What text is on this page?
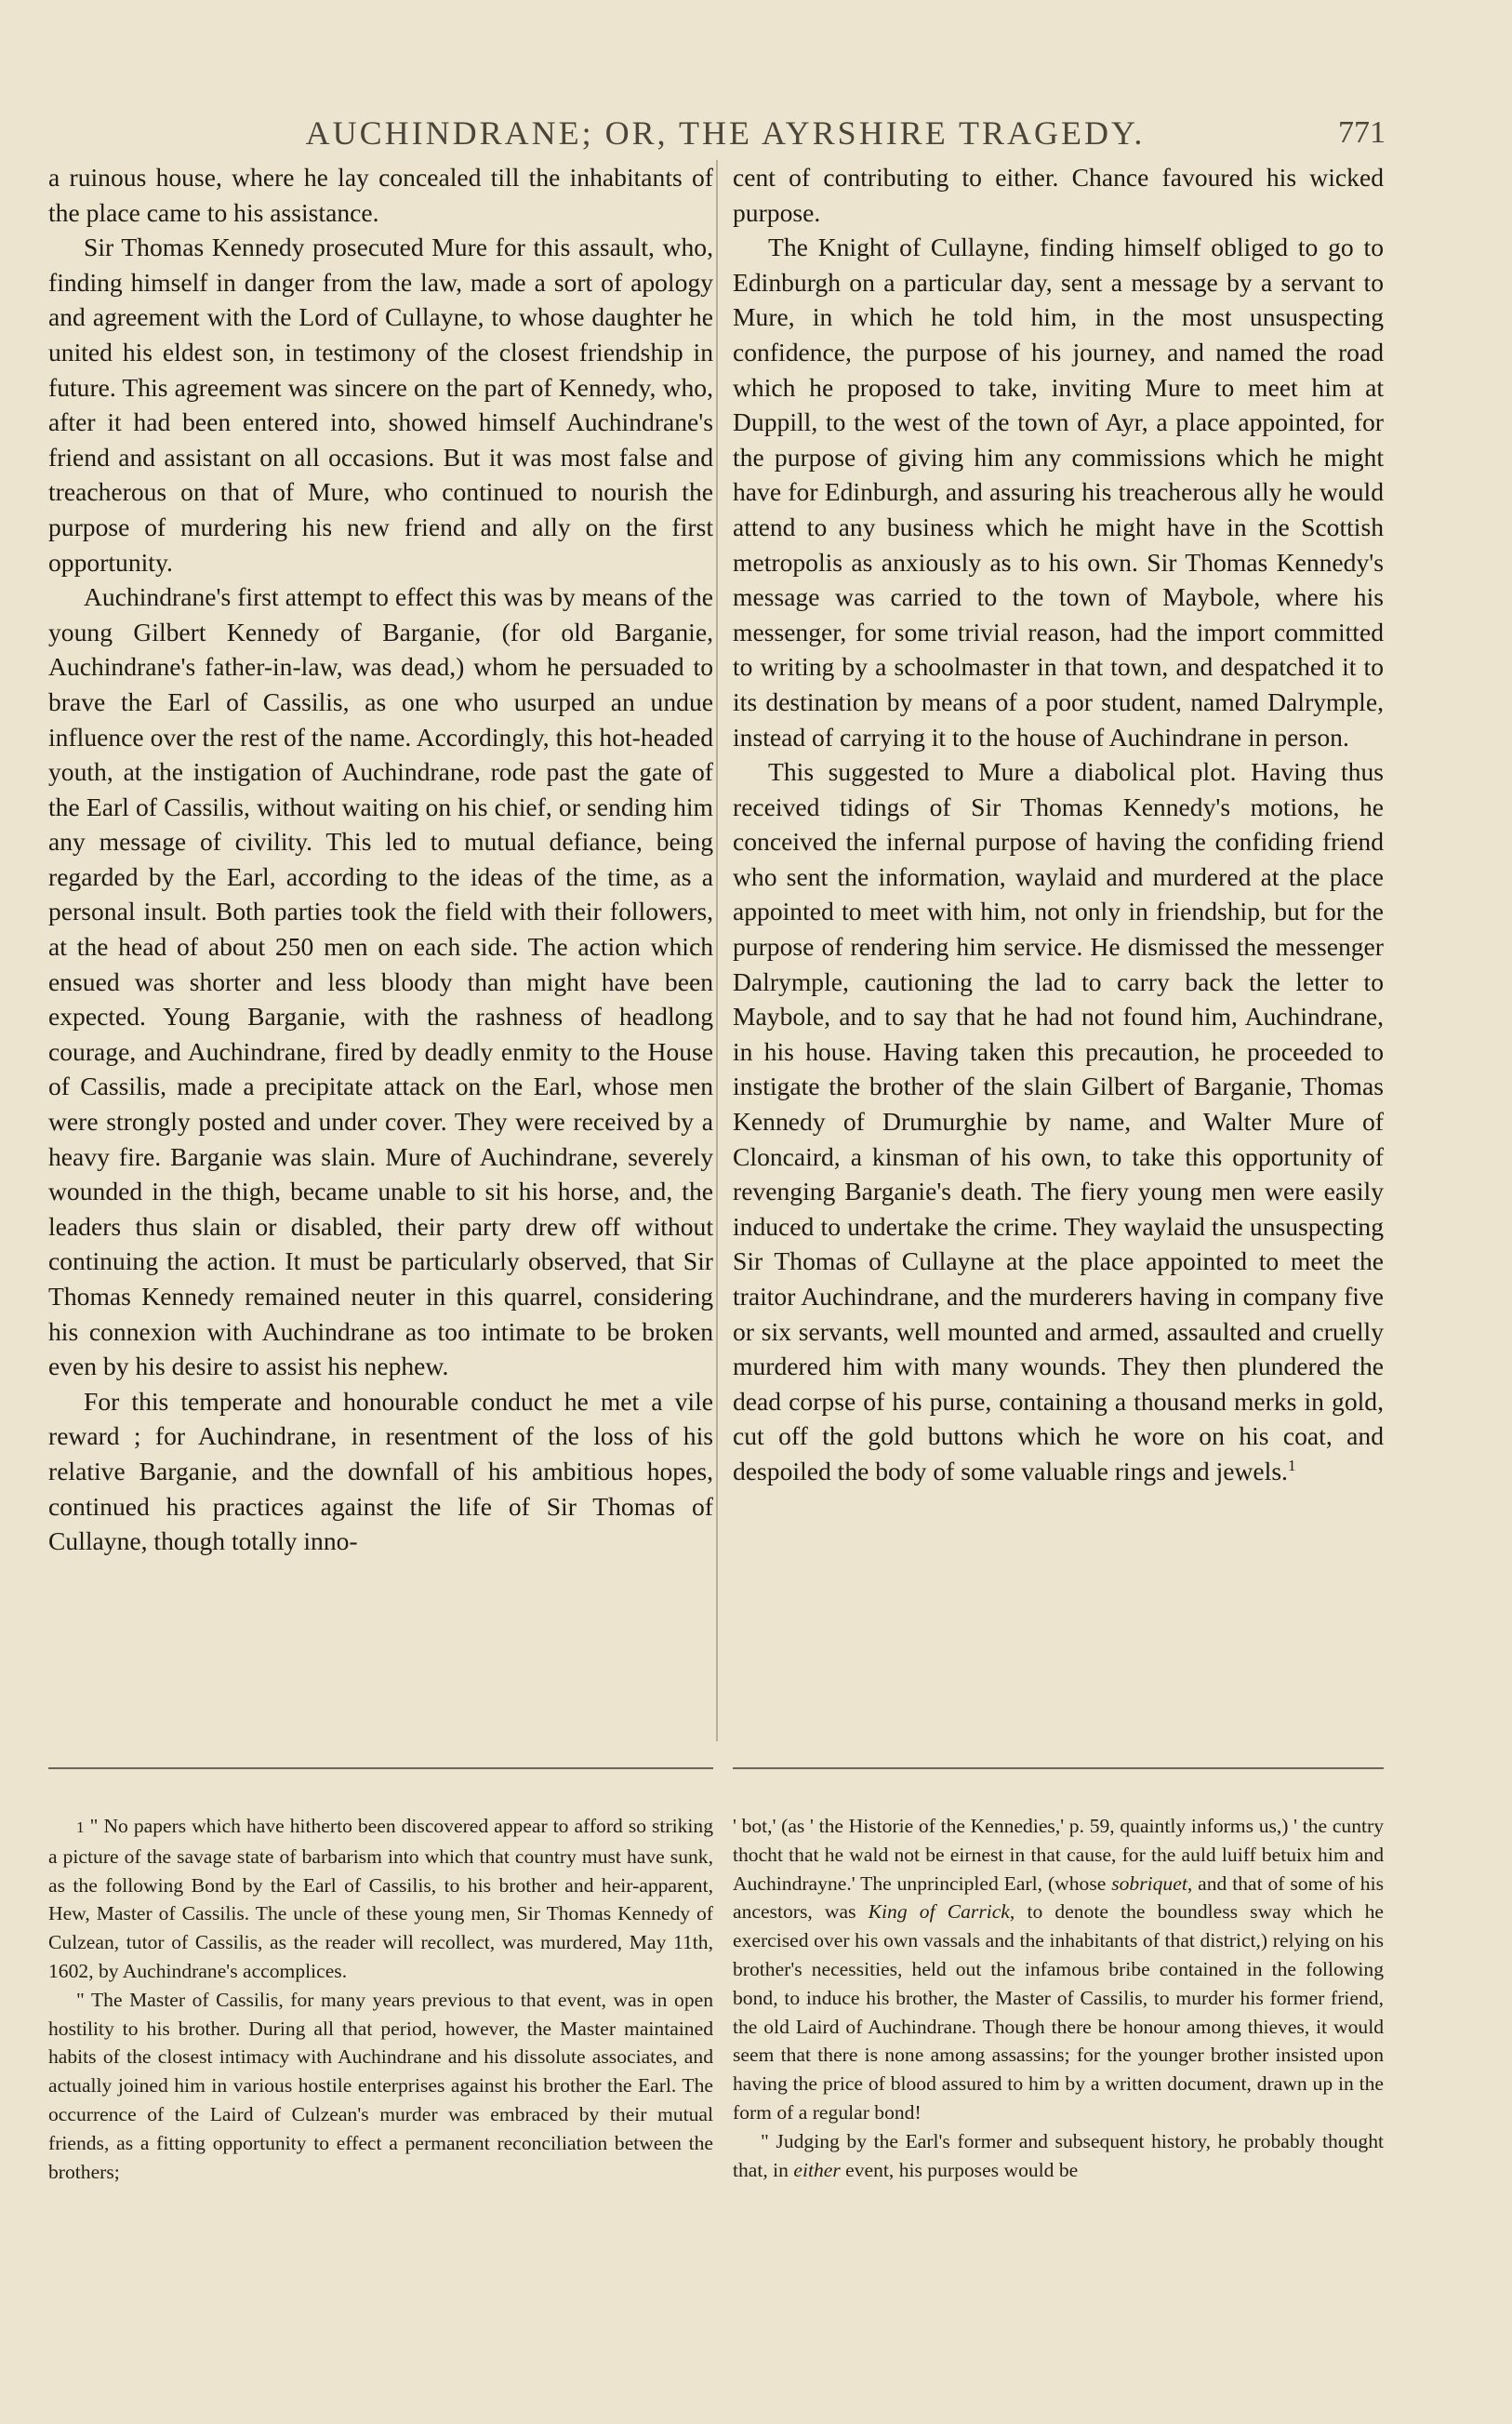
AUCHINDRANE; OR, THE AYRSHIRE TRAGEDY.	771

a ruinous house, where he lay concealed till the inhabitants of the place came to his assistance.

Sir Thomas Kennedy prosecuted Mure for this assault, who, finding himself in danger from the law, made a sort of apology and agreement with the Lord of Cullayne, to whose daughter he united his eldest son, in testimony of the closest friendship in future. This agreement was sincere on the part of Kennedy, who, after it had been entered into, showed himself Auchindrane's friend and assistant on all occasions. But it was most false and treacherous on that of Mure, who continued to nourish the purpose of murdering his new friend and ally on the first opportunity.

Auchindrane's first attempt to effect this was by means of the young Gilbert Kennedy of Barganie, (for old Barganie, Auchindrane's father-in-law, was dead,) whom he persuaded to brave the Earl of Cassilis, as one who usurped an undue influence over the rest of the name. Accordingly, this hot-headed youth, at the instigation of Auchindrane, rode past the gate of the Earl of Cassilis, without waiting on his chief, or sending him any message of civility. This led to mutual defiance, being regarded by the Earl, according to the ideas of the time, as a personal insult. Both parties took the field with their followers, at the head of about 250 men on each side. The action which ensued was shorter and less bloody than might have been expected. Young Barganie, with the rashness of headlong courage, and Auchindrane, fired by deadly enmity to the House of Cassilis, made a precipitate attack on the Earl, whose men were strongly posted and under cover. They were received by a heavy fire. Barganie was slain. Mure of Auchindrane, severely wounded in the thigh, became unable to sit his horse, and, the leaders thus slain or disabled, their party drew off without continuing the action. It must be particularly observed, that Sir Thomas Kennedy remained neuter in this quarrel, considering his connexion with Auchindrane as too intimate to be broken even by his desire to assist his nephew.

For this temperate and honourable conduct he met a vile reward ; for Auchindrane, in resentment of the loss of his relative Barganie, and the downfall of his ambitious hopes, continued his practices against the life of Sir Thomas of Cullayne, though totally inno-

cent of contributing to either. Chance favoured his wicked purpose.

The Knight of Cullayne, finding himself obliged to go to Edinburgh on a particular day, sent a message by a servant to Mure, in which he told him, in the most unsuspecting confidence, the purpose of his journey, and named the road which he proposed to take, inviting Mure to meet him at Duppill, to the west of the town of Ayr, a place appointed, for the purpose of giving him any commissions which he might have for Edinburgh, and assuring his treacherous ally he would attend to any business which he might have in the Scottish metropolis as anxiously as to his own. Sir Thomas Kennedy's message was carried to the town of Maybole, where his messenger, for some trivial reason, had the import committed to writing by a schoolmaster in that town, and despatched it to its destination by means of a poor student, named Dalrymple, instead of carrying it to the house of Auchindrane in person.

This suggested to Mure a diabolical plot. Having thus received tidings of Sir Thomas Kennedy's motions, he conceived the infernal purpose of having the confiding friend who sent the information, waylaid and murdered at the place appointed to meet with him, not only in friendship, but for the purpose of rendering him service. He dismissed the messenger Dalrymple, cautioning the lad to carry back the letter to Maybole, and to say that he had not found him, Auchindrane, in his house. Having taken this precaution, he proceeded to instigate the brother of the slain Gilbert of Barganie, Thomas Kennedy of Drumurghie by name, and Walter Mure of Cloncaird, a kinsman of his own, to take this opportunity of revenging Barganie's death. The fiery young men were easily induced to undertake the crime. They waylaid the unsuspecting Sir Thomas of Cullayne at the place appointed to meet the traitor Auchindrane, and the murderers having in company five or six servants, well mounted and armed, assaulted and cruelly murdered him with many wounds. They then plundered the dead corpse of his purse, containing a thousand merks in gold, cut off the gold buttons which he wore on his coat, and despoiled the body of some valuable rings and jewels.$^1$

1 " No papers which have hitherto been discovered appear to afford so striking a picture of the savage state of barbarism into which that country must have sunk, as the following Bond by the Earl of Cassilis, to his brother and heir-apparent, Hew, Master of Cassilis. The uncle of these young men, Sir Thomas Kennedy of Culzean, tutor of Cassilis, as the reader will recollect, was murdered, May 11th, 1602, by Auchindrane's accomplices.

" The Master of Cassilis, for many years previous to that event, was in open hostility to his brother. During all that period, however, the Master maintained habits of the closest intimacy with Auchindrane and his dissolute associates, and actually joined him in various hostile enterprises against his brother the Earl. The occurrence of the Laird of Culzean's murder was embraced by their mutual friends, as a fitting opportunity to effect a permanent reconciliation between the brothers;

' bot,' (as ' the Historie of the Kennedies,' p. 59, quaintly informs us,) ' the cuntry thocht that he wald not be eirnest in that cause, for the auld luiff betuix him and Auchindrayne.' The unprincipled Earl, (whose sobriquet, and that of some of his ancestors, was King of Carrick, to denote the boundless sway which he exercised over his own vassals and the inhabitants of that district,) relying on his brother's necessities, held out the infamous bribe contained in the following bond, to induce his brother, the Master of Cassilis, to murder his former friend, the old Laird of Auchindrane. Though there be honour among thieves, it would seem that there is none among assassins; for the younger brother insisted upon having the price of blood assured to him by a written document, drawn up in the form of a regular bond!

" Judging by the Earl's former and subsequent history, he probably thought that, in either event, his purposes would be
